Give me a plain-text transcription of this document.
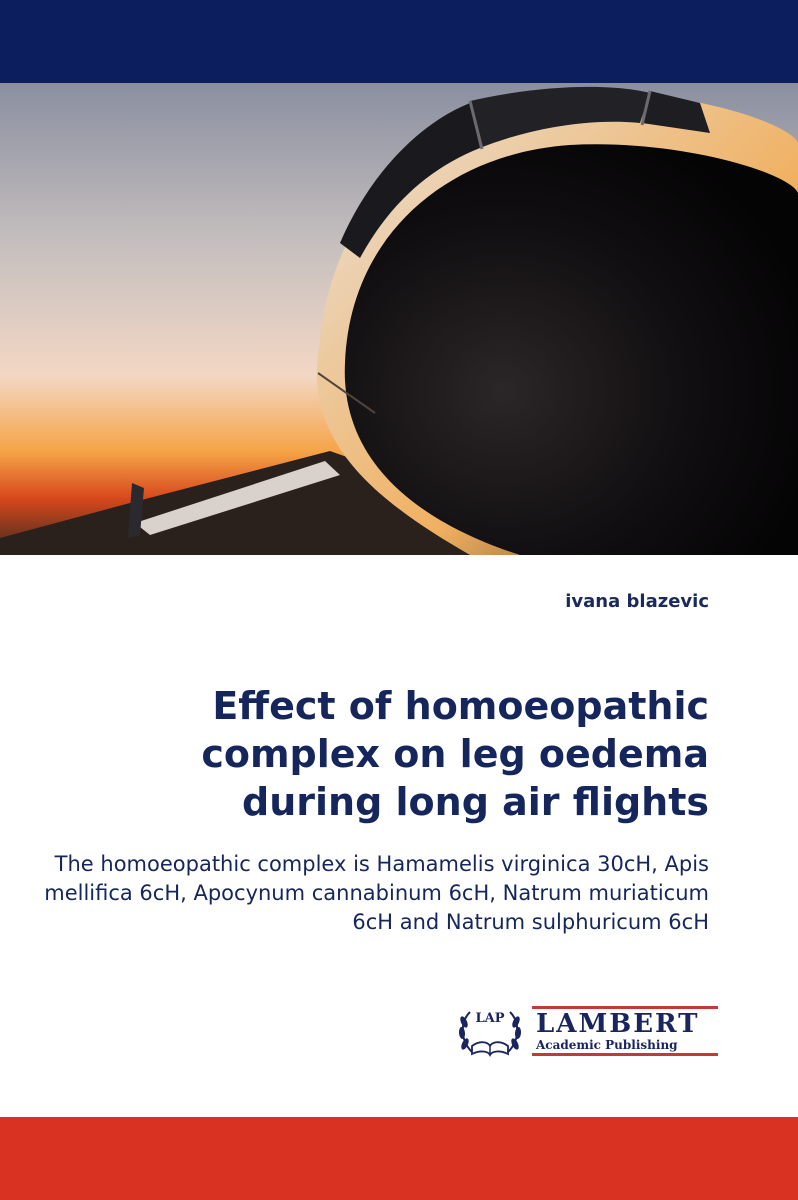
ivana blazevic
Effect of homoeopathic complex on leg oedema during long air flights
The homoeopathic complex is Hamamelis virginica 30cH, Apis mellifica 6cH, Apocynum cannabinum 6cH, Natrum muriaticum 6cH and Natrum sulphuricum 6cH
LAP LAMBERT
Academic Publishing
